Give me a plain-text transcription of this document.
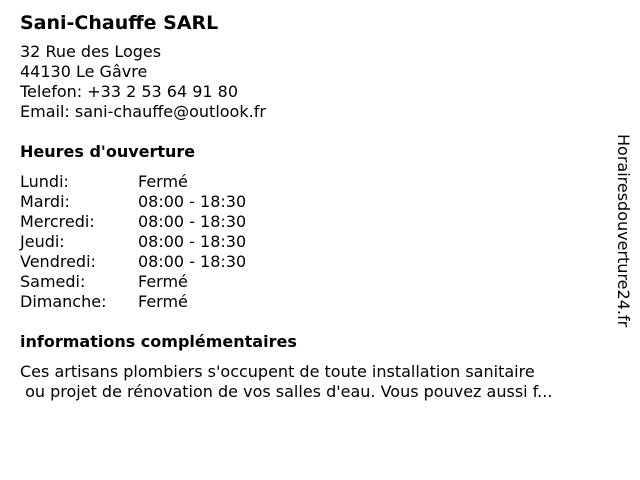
Sani-Chauffe SARL
32 Rue des Loges
44130 Le Gâvre
Telefon: +33 2 53 64 91 80
Email: sani-chauffe@outlook.fr
Heures d'ouverture
Lundi:	Fermé
Mardi:	08:00 - 18:30
Mercredi:	08:00 - 18:30
Jeudi:	08:00 - 18:30
Vendredi:	08:00 - 18:30
Samedi:	Fermé
Dimanche:	Fermé
informations complémentaires
Ces artisans plombiers s'occupent de toute installation sanitaire
ou projet de rénovation de vos salles d'eau. Vous pouvez aussi f...
Horairesdouverture24.fr
